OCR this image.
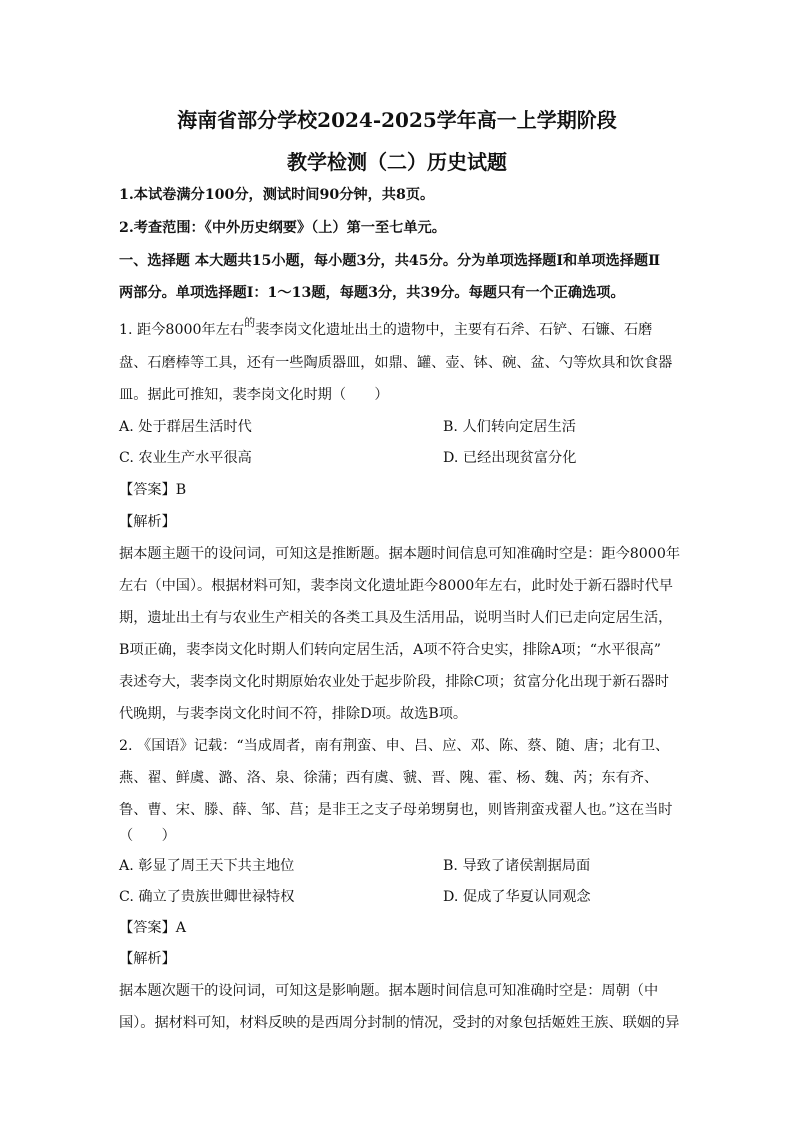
海南省部分学校2024-2025学年高一上学期阶段
教学检测（二）历史试题
1.本试卷满分100分，测试时间90分钟，共8页。
2.考查范围：《中外历史纲要》（上）第一至七单元。
一、选择题 本大题共15小题，每小题3分，共45分。分为单项选择题Ⅰ和单项选择题Ⅱ
两部分。单项选择题Ⅰ：1～13题，每题3分，共39分。每题只有一个正确选项。
1. 距今8000年左右$^的$裴李岗文化遗址出土的遗物中，主要有石斧、石铲、石镰、石磨
盘、石磨棒等工具，还有一些陶质器皿，如鼎、罐、壶、钵、碗、盆、勺等炊具和饮食器
皿。据此可推知，裴李岗文化时期（　　）
A. 处于群居生活时代	B. 人们转向定居生活
C. 农业生产水平很高	D. 已经出现贫富分化
【答案】B
【解析】
据本题主题干的设问词，可知这是推断题。据本题时间信息可知准确时空是：距今8000年
左右（中国）。根据材料可知，裴李岗文化遗址距今8000年左右，此时处于新石器时代早
期，遗址出土有与农业生产相关的各类工具及生活用品，说明当时人们已走向定居生活，
B项正确，裴李岗文化时期人们转向定居生活，A项不符合史实，排除A项；“水平很高”
表述夸大，裴李岗文化时期原始农业处于起步阶段，排除C项；贫富分化出现于新石器时
代晚期，与裴李岗文化时间不符，排除D项。故选B项。
2. 《国语》记载：“当成周者，南有荆蛮、申、吕、应、邓、陈、蔡、随、唐；北有卫、
燕、翟、鲜虞、潞、洛、泉、徐蒲；西有虞、虢、晋、隗、霍、杨、魏、芮；东有齐、
鲁、曹、宋、滕、薛、邹、莒；是非王之支子母弟甥舅也，则皆荆蛮戎翟人也。”这在当时
（　　）
A. 彰显了周王天下共主地位	B. 导致了诸侯割据局面
C. 确立了贵族世卿世禄特权	D. 促成了华夏认同观念
【答案】A
【解析】
据本题次题干的设问词，可知这是影响题。据本题时间信息可知准确时空是：周朝（中
国）。据材料可知，材料反映的是西周分封制的情况，受封的对象包括姬姓王族、联姻的异
